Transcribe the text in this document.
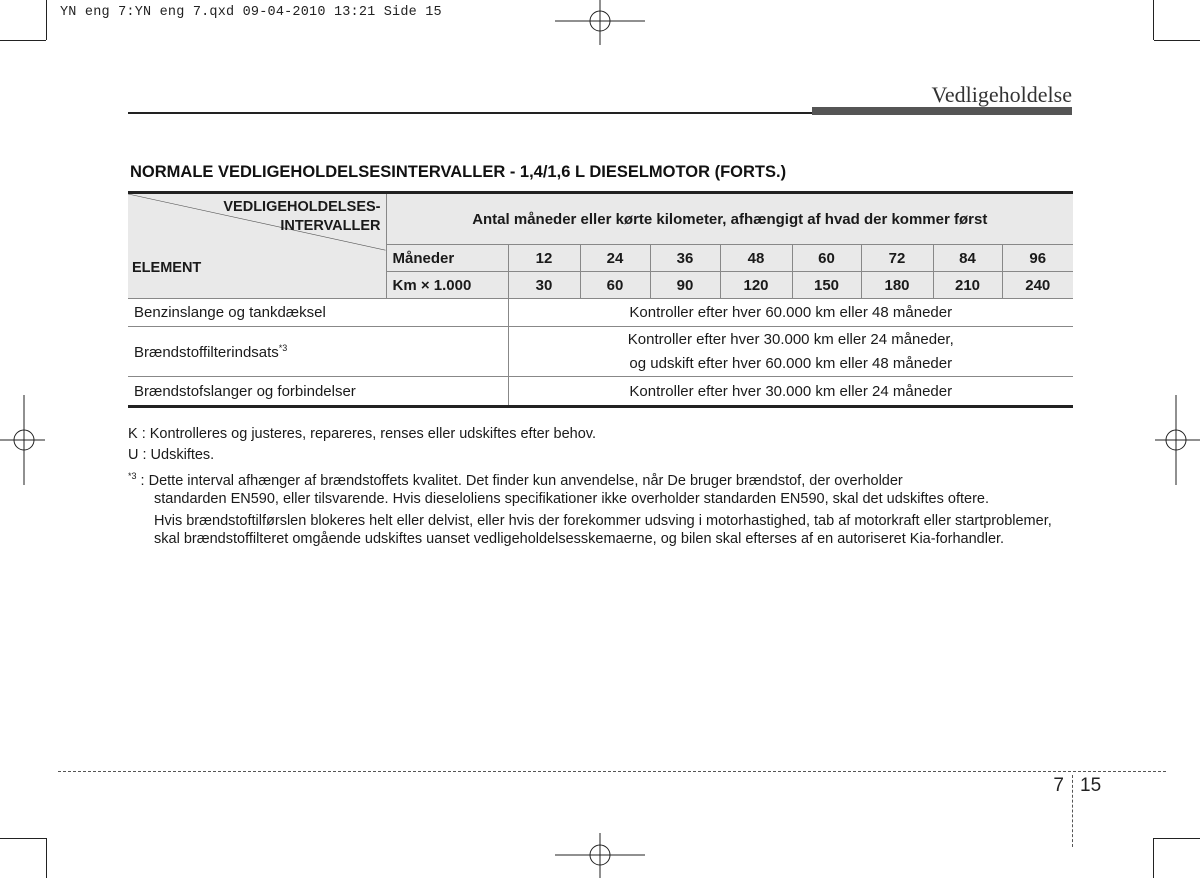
YN eng 7:YN eng 7.qxd 09-04-2010 13:21 Side 15
Vedligeholdelse
NORMALE VEDLIGEHOLDELSESINTERVALLER - 1,4/1,6 L DIESELMOTOR (FORTS.)
VEDLIGEHOLDELSES-
INTERVALLER
ELEMENT	Antal måneder eller kørte kilometer, afhængigt af hvad der kommer først								
	Måneder	12	24	36	48	60	72	84	96
	Km × 1.000	30	60	90	120	150	180	210	240
Benzinslange og tankdæksel		Kontroller efter hver 60.000 km eller 48 måneder							
Brændstoffilterindsats$^{*3}$		Kontroller efter hver 30.000 km eller 24 måneder,
og udskift efter hver 60.000 km eller 48 måneder							

Brændstofslanger og forbindelser		Kontroller efter hver 30.000 km eller 24 måneder							

K : Kontrolleres og justeres, repareres, renses eller udskiftes efter behov.

U : Udskiftes.

$^{*3}$ : Dette interval afhænger af brændstoffets kvalitet. Det finder kun anvendelse, når De bruger brændstof, der overholder

standarden EN590, eller tilsvarende. Hvis dieseloliens specifikationer ikke overholder standarden EN590, skal det udskiftes oftere.

Hvis brændstoftilførslen blokeres helt eller delvist, eller hvis der forekommer udsving i motorhastighed, tab af motorkraft eller startproblemer, skal brændstoffilteret omgående udskiftes uanset vedligeholdelsesskemaerne, og bilen skal efterses af en autoriseret Kia-forhandler.

7 15
